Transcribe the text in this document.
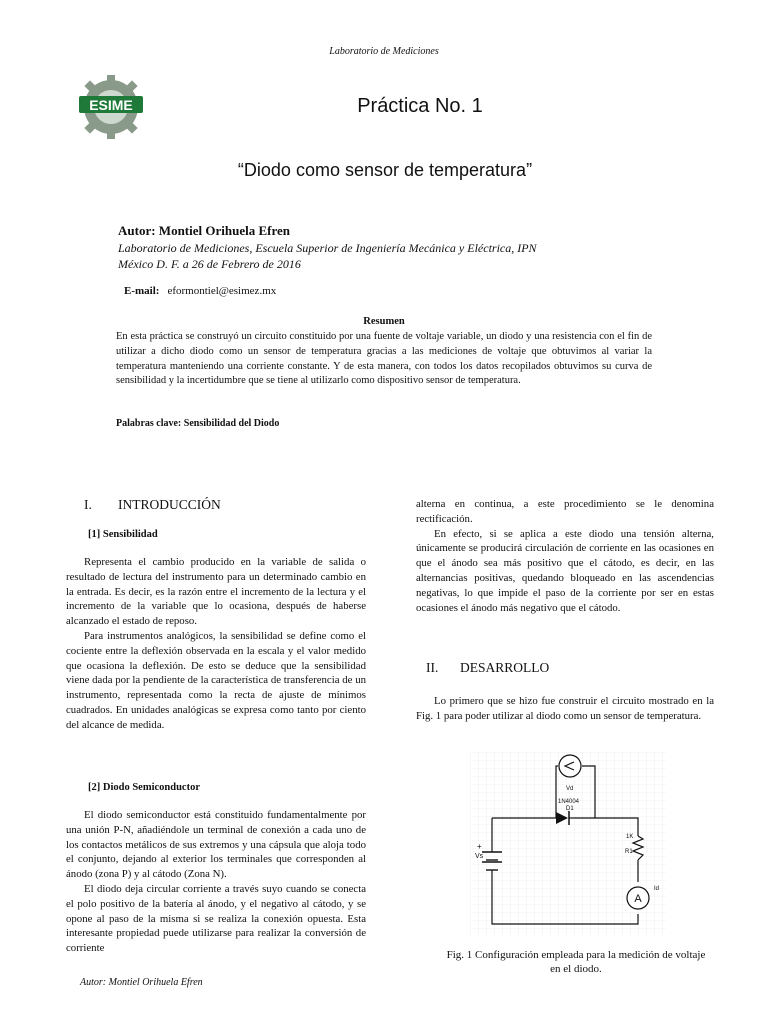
Laboratorio de Mediciones
ESIME	Práctica No. 1
“Diodo como sensor de temperatura”
Autor: Montiel Orihuela Efren
Laboratorio de Mediciones, Escuela Superior de Ingeniería Mecánica y Eléctrica, IPN
México D. F. a 26 de Febrero de 2016
E-mail: eformontiel@esimez.mx
Resumen
En esta práctica se construyó un circuito constituido por una fuente de voltaje variable, un diodo y una resistencia con el fin de utilizar a dicho diodo como un sensor de temperatura gracias a las mediciones de voltaje que obtuvimos al variar la temperatura manteniendo una corriente constante. Y de esta manera, con todos los datos recopilados obtuvimos su curva de sensibilidad y la incertidumbre que se tiene al utilizarlo como dispositivo sensor de temperatura.
Palabras clave: Sensibilidad del Diodo
I. INTRODUCCIÓN
[1] Sensibilidad

Representa el cambio producido en la variable de salida o resultado de lectura del instrumento para un determinado cambio en la entrada. Es decir, es la razón entre el incremento de la lectura y el incremento de la variable que lo ocasiona, después de haberse alcanzado el estado de reposo.

Para instrumentos analógicos, la sensibilidad se define como el cociente entre la deflexión observada en la escala y el valor medido que ocasiona la deflexión. De esto se deduce que la sensibilidad viene dada por la pendiente de la característica de transferencia de un instrumento, representada como la recta de ajuste de mínimos cuadrados. En unidades analógicas se expresa como tanto por ciento del alcance de medida.

[2] Diodo Semiconductor

El diodo semiconductor está constituido fundamentalmente por una unión P-N, añadiéndole un terminal de conexión a cada uno de los contactos metálicos de sus extremos y una cápsula que aloja todo el conjunto, dejando al exterior los terminales que corresponden al ánodo (zona P) y al cátodo (Zona N).

El diodo deja circular corriente a través suyo cuando se conecta el polo positivo de la batería al ánodo, y el negativo al cátodo, y se opone al paso de la misma si se realiza la conexión opuesta. Esta interesante propiedad puede utilizarse para realizar la conversión de corriente

alterna en continua, a este procedimiento se le denomina rectificación.

En efecto, si se aplica a este diodo una tensión alterna, únicamente se producirá circulación de corriente en las ocasiones en que el ánodo sea más positivo que el cátodo, es decir, en las alternancias positivas, quedando bloqueado en las ascendencias negativas, lo que impide el paso de la corriente por ser en estas ocasiones el ánodo más negativo que el cátodo.

II. DESARROLLO

Lo primero que se hizo fue construir el circuito mostrado en la Fig. 1 para poder utilizar al diodo como un sensor de temperatura.

+
A
Vd
1N4004
D1
1K
R1
Vs
Id
Fig. 1 Configuración empleada para la medición de voltaje en el diodo.
Autor: Montiel Orihuela Efren
